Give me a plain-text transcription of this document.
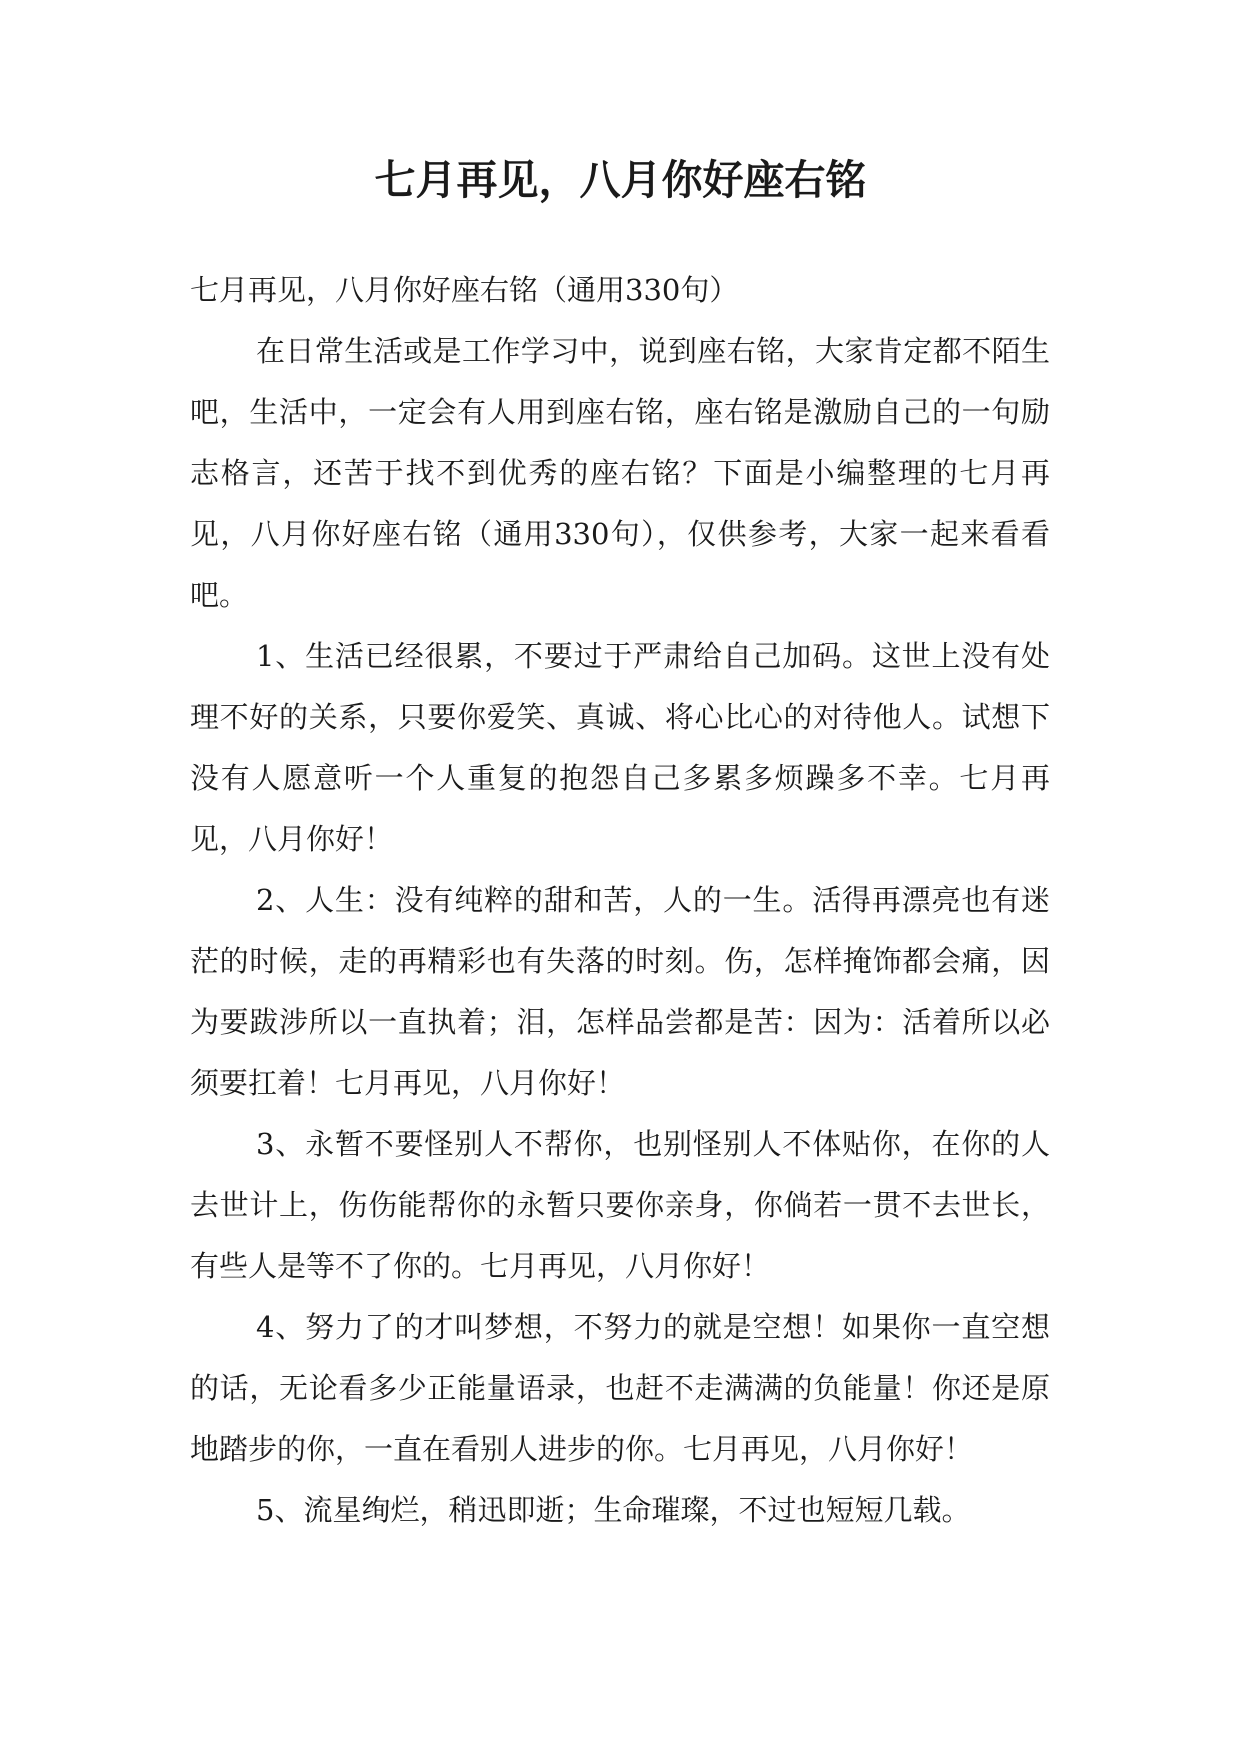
七月再见，八月你好座右铭

七月再见，八月你好座右铭（通用330句）

在日常生活或是工作学习中，说到座右铭，大家肯定都不陌生吧，生活中，一定会有人用到座右铭，座右铭是激励自己的一句励志格言，还苦于找不到优秀的座右铭？下面是小编整理的七月再见，八月你好座右铭（通用330句），仅供参考，大家一起来看看吧。

1、生活已经很累，不要过于严肃给自己加码。这世上没有处理不好的关系，只要你爱笑、真诚、将心比心的对待他人。试想下没有人愿意听一个人重复的抱怨自己多累多烦躁多不幸。七月再见，八月你好！

2、人生：没有纯粹的甜和苦，人的一生。活得再漂亮也有迷茫的时候，走的再精彩也有失落的时刻。伤，怎样掩饰都会痛，因为要跋涉所以一直执着；泪，怎样品尝都是苦：因为：活着所以必须要扛着！七月再见，八月你好！

3、永暂不要怪别人不帮你，也别怪别人不体贴你，在你的人去世计上，伤伤能帮你的永暂只要你亲身，你倘若一贯不去世长，有些人是等不了你的。七月再见，八月你好！

4、努力了的才叫梦想，不努力的就是空想！如果你一直空想的话，无论看多少正能量语录，也赶不走满满的负能量！你还是原地踏步的你，一直在看别人进步的你。七月再见，八月你好！

5、流星绚烂，稍迅即逝；生命璀璨，不过也短短几载。
